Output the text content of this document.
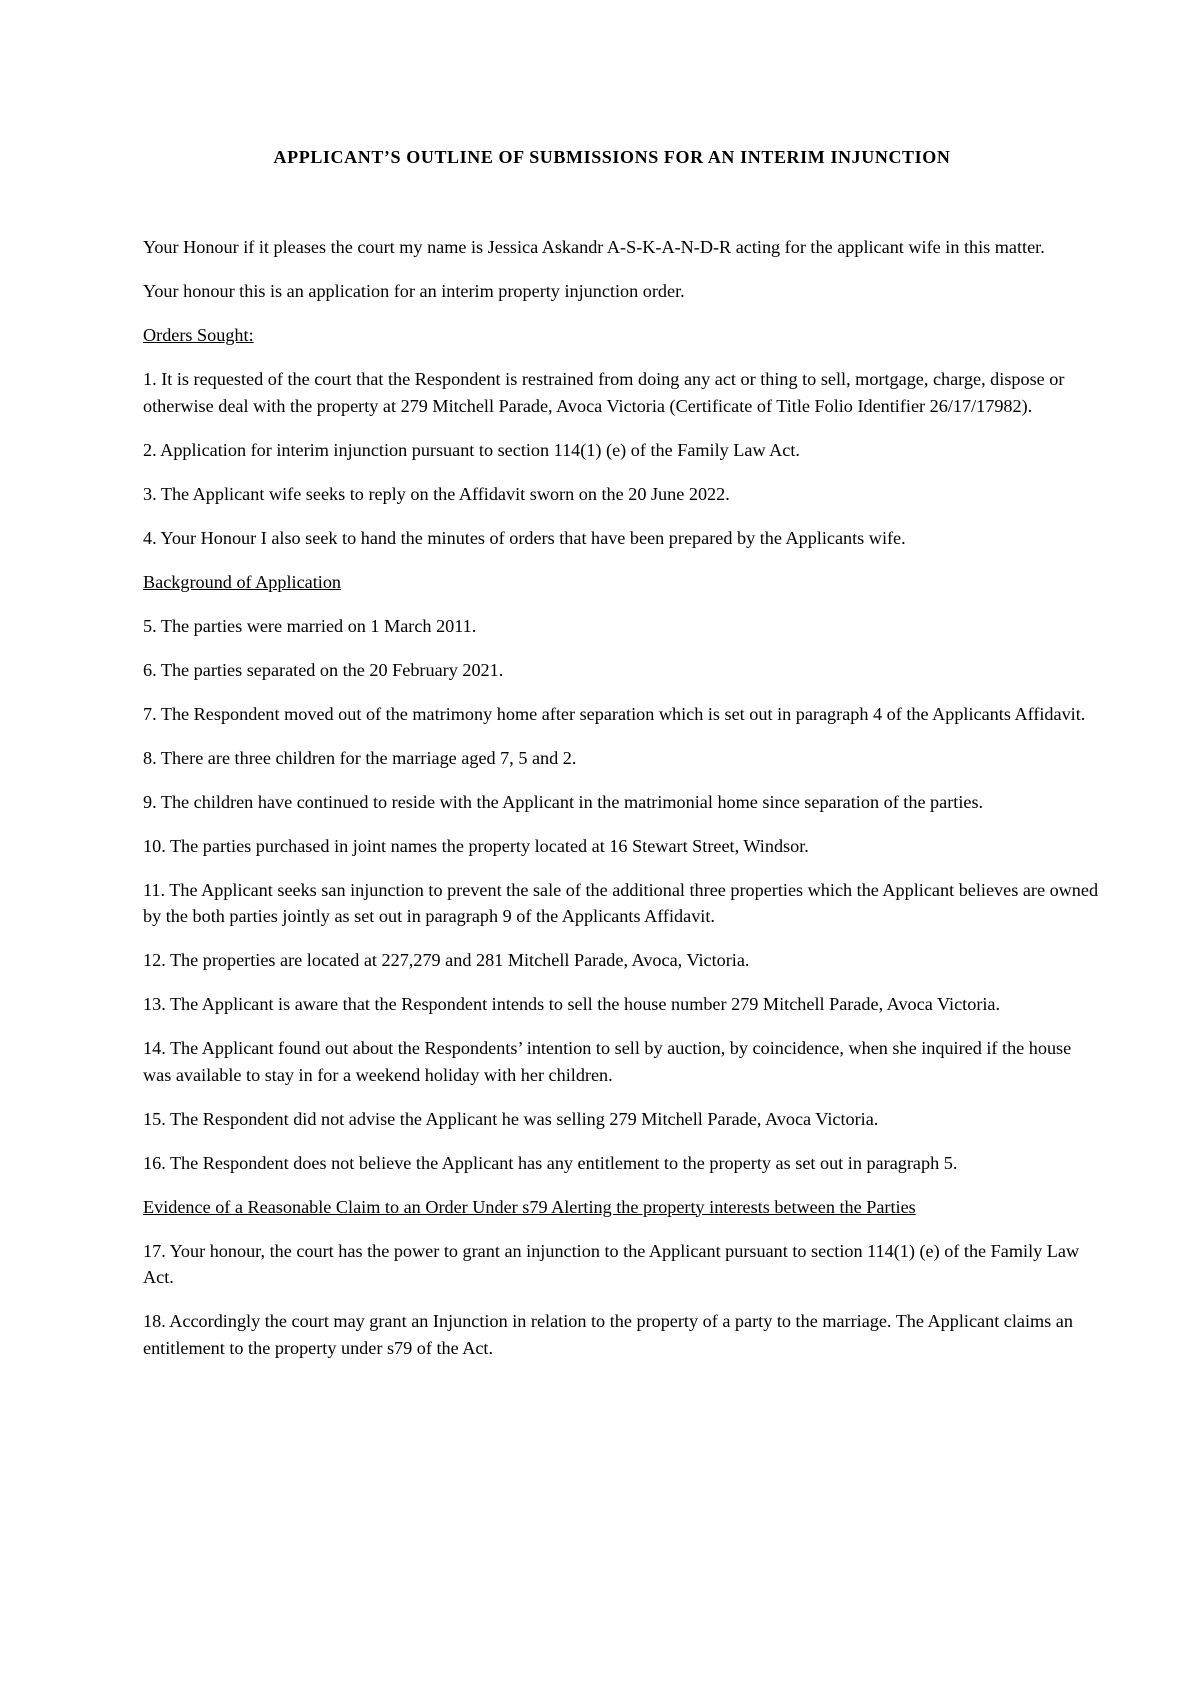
APPLICANT’S OUTLINE OF SUBMISSIONS FOR AN INTERIM INJUNCTION

Your Honour if it pleases the court my name is Jessica Askandr A-S-K-A-N-D-R acting for the applicant wife in this matter.

Your honour this is an application for an interim property injunction order.

Orders Sought:

1. It is requested of the court that the Respondent is restrained from doing any act or thing to sell, mortgage, charge, dispose or otherwise deal with the property at 279 Mitchell Parade, Avoca Victoria (Certificate of Title Folio Identifier 26/17/17982).

2. Application for interim injunction pursuant to section 114(1) (e) of the Family Law Act.

3. The Applicant wife seeks to reply on the Affidavit sworn on the 20 June 2022.

4. Your Honour I also seek to hand the minutes of orders that have been prepared by the Applicants wife.

Background of Application

5. The parties were married on 1 March 2011.

6. The parties separated on the 20 February 2021.

7. The Respondent moved out of the matrimony home after separation which is set out in paragraph 4 of the Applicants Affidavit.

8. There are three children for the marriage aged 7, 5 and 2.

9. The children have continued to reside with the Applicant in the matrimonial home since separation of the parties.

10. The parties purchased in joint names the property located at 16 Stewart Street, Windsor.

11. The Applicant seeks san injunction to prevent the sale of the additional three properties which the Applicant believes are owned by the both parties jointly as set out in paragraph 9 of the Applicants Affidavit.

12. The properties are located at 227,279 and 281 Mitchell Parade, Avoca, Victoria.

13. The Applicant is aware that the Respondent intends to sell the house number 279 Mitchell Parade, Avoca Victoria.

14. The Applicant found out about the Respondents’ intention to sell by auction, by coincidence, when she inquired if the house was available to stay in for a weekend holiday with her children.

15. The Respondent did not advise the Applicant he was selling 279 Mitchell Parade, Avoca Victoria.

16. The Respondent does not believe the Applicant has any entitlement to the property as set out in paragraph 5.

Evidence of a Reasonable Claim to an Order Under s79 Alerting the property interests between the Parties

17. Your honour, the court has the power to grant an injunction to the Applicant pursuant to section 114(1) (e) of the Family Law Act.

18. Accordingly the court may grant an Injunction in relation to the property of a party to the marriage. The Applicant claims an entitlement to the property under s79 of the Act.
